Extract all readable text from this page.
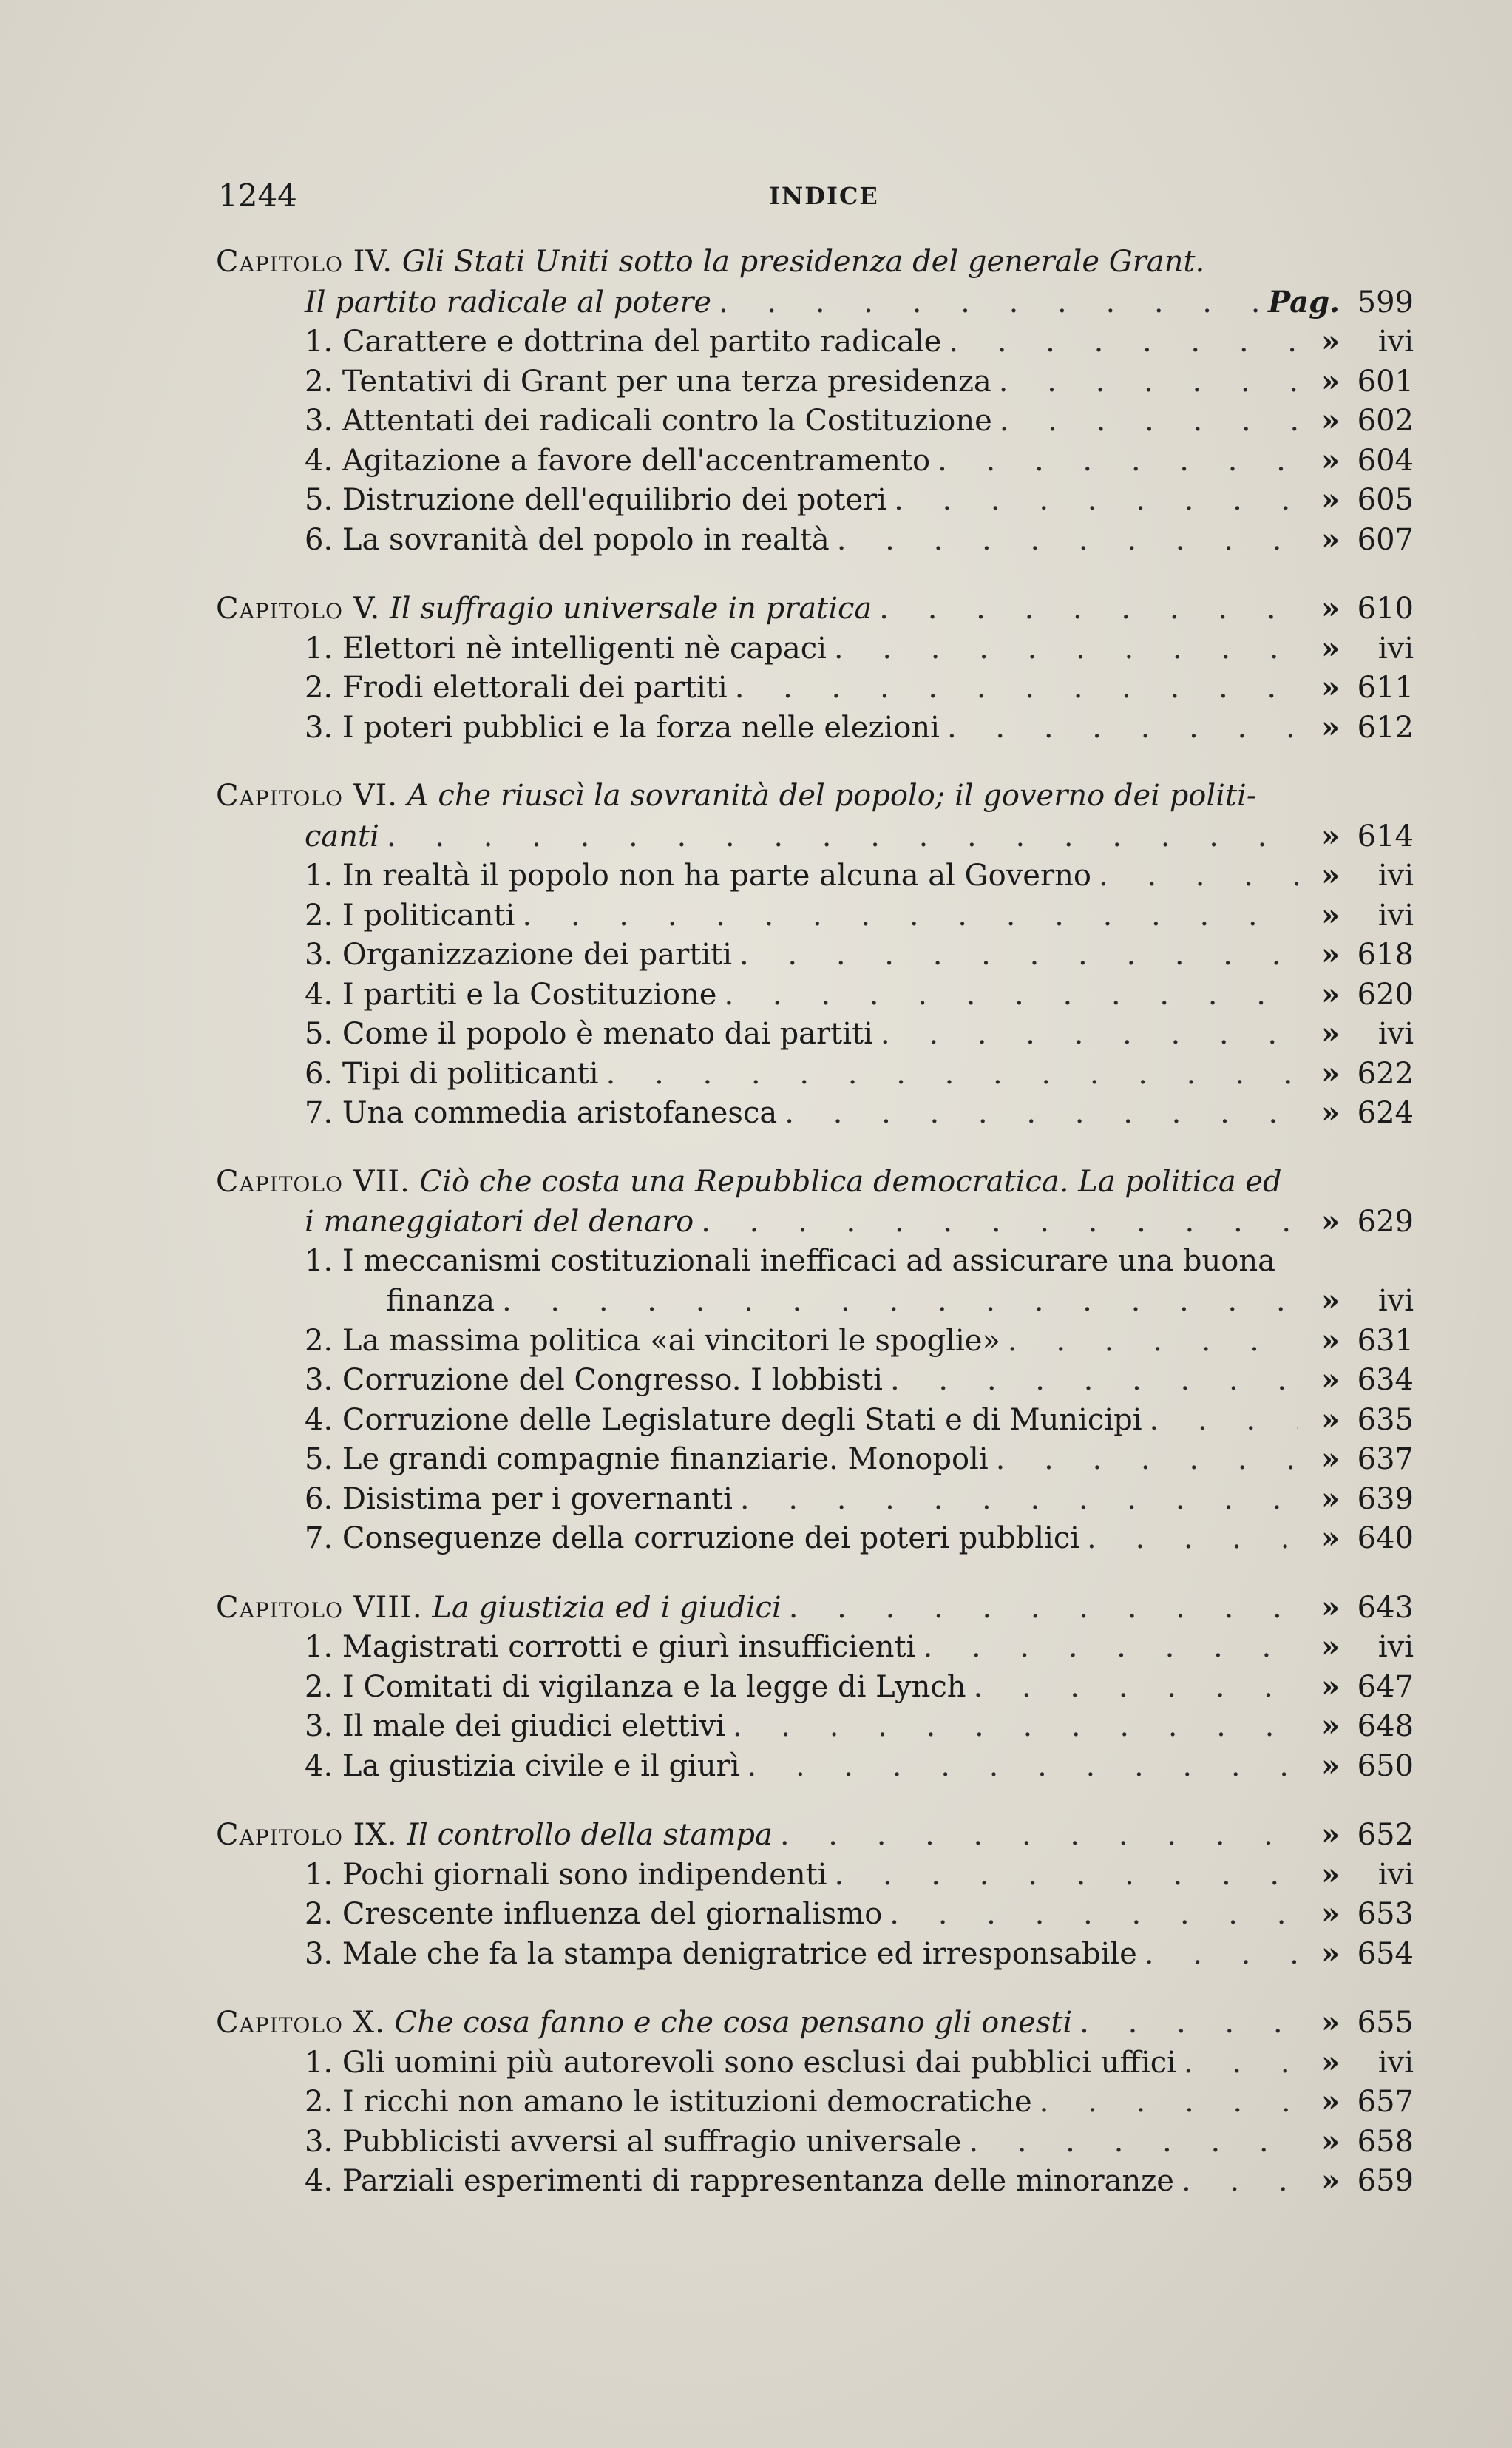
1244	INDICE
Capitolo IV. Gli Stati Uniti sotto la presidenza del generale Grant.
Il partito radicale al potere . . .	Pag. 599
1. Carattere e dottrina del partito radicale . . .	»	ivi
2. Tentativi di Grant per una terza presidenza . . .	» 601
3. Attentati dei radicali contro la Costituzione . . .	» 602
4. Agitazione a favore dell'accentramento . . .	» 604
5. Distruzione dell'equilibrio dei poteri . . .	» 605
6. La sovranità del popolo in realtà . . .	» 607
Capitolo V. Il suffragio universale in pratica . . .	» 610
1. Elettori nè intelligenti nè capaci . . .	»	ivi
2. Frodi elettorali dei partiti . . .	» 611
3. I poteri pubblici e la forza nelle elezioni . . .	» 612
Capitolo VI. A che riuscì la sovranità del popolo; il governo dei politi-
canti . . .	» 614
1. In realtà il popolo non ha parte alcuna al Governo . . .	»	ivi
2. I politicanti . . .	»	ivi
3. Organizzazione dei partiti . . .	» 618
4. I partiti e la Costituzione . . .	» 620
5. Come il popolo è menato dai partiti . . .	»	ivi
6. Tipi di politicanti . . .	» 622
7. Una commedia aristofanesca . . .	» 624
Capitolo VII. Ciò che costa una Repubblica democratica. La politica ed
i maneggiatori del denaro . . .	» 629
1. I meccanismi costituzionali inefficaci ad assicurare una buona
finanza . . .	»	ivi
2. La massima politica «ai vincitori le spoglie» . . .	» 631
3. Corruzione del Congresso. I lobbisti . . .	» 634
4. Corruzione delle Legislature degli Stati e di Municipi . . .	» 635
5. Le grandi compagnie finanziarie. Monopoli . . .	» 637
6. Disistima per i governanti . . .	» 639
7. Conseguenze della corruzione dei poteri pubblici . . .	» 640
Capitolo VIII. La giustizia ed i giudici . . .	» 643
1. Magistrati corrotti e giurì insufficienti . . .	»	ivi
2. I Comitati di vigilanza e la legge di Lynch . . .	» 647
3. Il male dei giudici elettivi . . .	» 648
4. La giustizia civile e il giurì . . .	» 650
Capitolo IX. Il controllo della stampa . . .	» 652
1. Pochi giornali sono indipendenti . . .	»	ivi
2. Crescente influenza del giornalismo . . .	» 653
3. Male che fa la stampa denigratrice ed irresponsabile . . .	» 654
Capitolo X. Che cosa fanno e che cosa pensano gli onesti . . .	» 655
1. Gli uomini più autorevoli sono esclusi dai pubblici uffici . . .	»	ivi
2. I ricchi non amano le istituzioni democratiche . . .	» 657
3. Pubblicisti avversi al suffragio universale . . .	» 658
4. Parziali esperimenti di rappresentanza delle minoranze . . .	» 659
